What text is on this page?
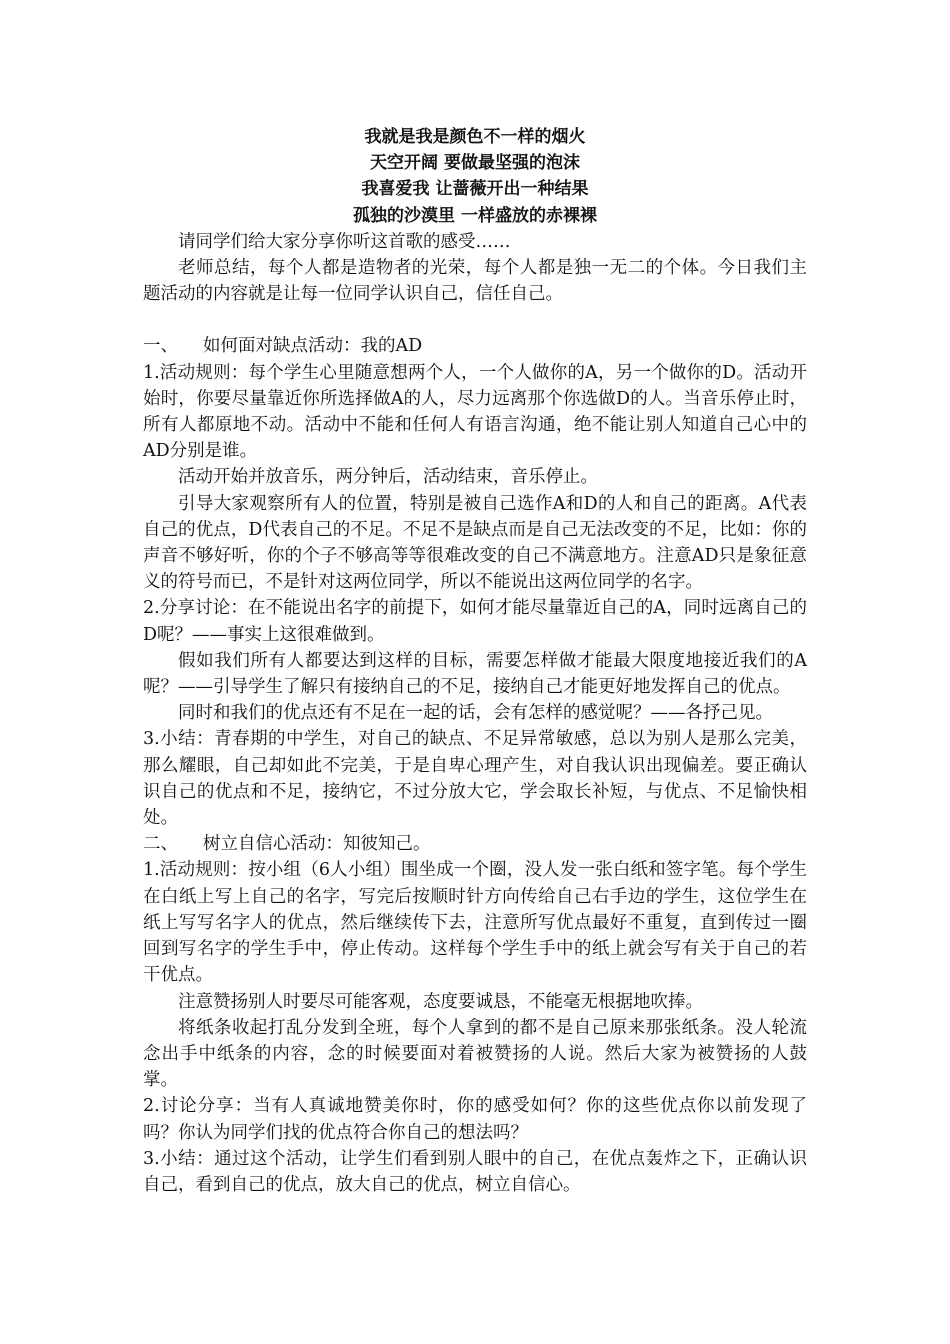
我就是我是颜色不一样的烟火
天空开阔 要做最坚强的泡沫
我喜爱我 让蔷薇开出一种结果
孤独的沙漠里 一样盛放的赤裸裸

请同学们给大家分享你听这首歌的感受……

老师总结，每个人都是造物者的光荣，每个人都是独一无二的个体。今日我们主题活动的内容就是让每一位同学认识自己，信任自己。

一、 如何面对缺点活动：我的AD

1.活动规则：每个学生心里随意想两个人，一个人做你的A，另一个做你的D。活动开始时，你要尽量靠近你所选择做A的人，尽力远离那个你选做D的人。当音乐停止时，所有人都原地不动。活动中不能和任何人有语言沟通，绝不能让别人知道自己心中的AD分别是谁。

活动开始并放音乐，两分钟后，活动结束，音乐停止。

引导大家观察所有人的位置，特别是被自己选作A和D的人和自己的距离。A代表自己的优点，D代表自己的不足。不足不是缺点而是自己无法改变的不足，比如：你的声音不够好听，你的个子不够高等等很难改变的自己不满意地方。注意AD只是象征意义的符号而已，不是针对这两位同学，所以不能说出这两位同学的名字。

2.分享讨论：在不能说出名字的前提下，如何才能尽量靠近自己的A，同时远离自己的D呢？——事实上这很难做到。

假如我们所有人都要达到这样的目标，需要怎样做才能最大限度地接近我们的A呢？——引导学生了解只有接纳自己的不足，接纳自己才能更好地发挥自己的优点。

同时和我们的优点还有不足在一起的话，会有怎样的感觉呢？——各抒己见。

3.小结：青春期的中学生，对自己的缺点、不足异常敏感，总以为别人是那么完美，那么耀眼，自己却如此不完美，于是自卑心理产生，对自我认识出现偏差。要正确认识自己的优点和不足，接纳它，不过分放大它，学会取长补短，与优点、不足愉快相处。

二、 树立自信心活动：知彼知己。

1.活动规则：按小组（6人小组）围坐成一个圈，没人发一张白纸和签字笔。每个学生在白纸上写上自己的名字，写完后按顺时针方向传给自己右手边的学生，这位学生在纸上写写名字人的优点，然后继续传下去，注意所写优点最好不重复，直到传过一圈回到写名字的学生手中，停止传动。这样每个学生手中的纸上就会写有关于自己的若干优点。

注意赞扬别人时要尽可能客观，态度要诚恳，不能毫无根据地吹捧。

将纸条收起打乱分发到全班，每个人拿到的都不是自己原来那张纸条。没人轮流念出手中纸条的内容，念的时候要面对着被赞扬的人说。然后大家为被赞扬的人鼓掌。

2.讨论分享：当有人真诚地赞美你时，你的感受如何？你的这些优点你以前发现了吗？你认为同学们找的优点符合你自己的想法吗？

3.小结：通过这个活动，让学生们看到别人眼中的自己，在优点轰炸之下，正确认识自己，看到自己的优点，放大自己的优点，树立自信心。
